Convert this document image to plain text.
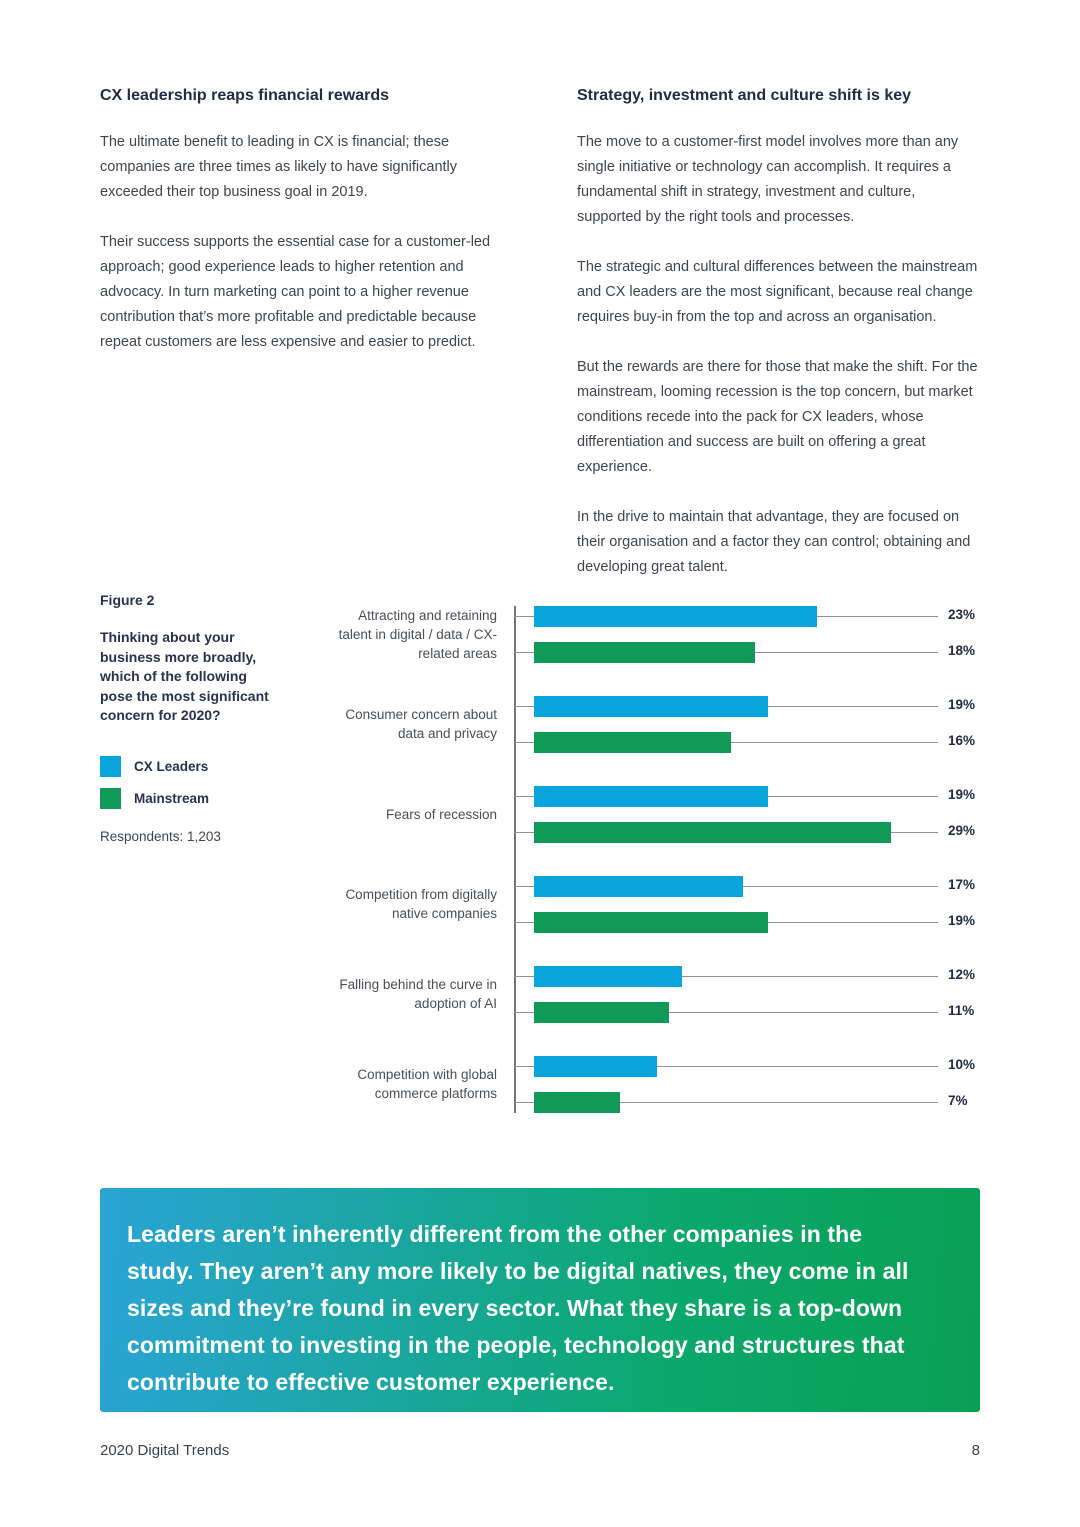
CX leadership reaps financial rewards

The ultimate benefit to leading in CX is financial; these companies are three times as likely to have significantly exceeded their top business goal in 2019.

Their success supports the essential case for a customer-led approach; good experience leads to higher retention and advocacy. In turn marketing can point to a higher revenue contribution that’s more profitable and predictable because repeat customers are less expensive and easier to predict.

Strategy, investment and culture shift is key

The move to a customer-first model involves more than any single initiative or technology can accomplish. It requires a fundamental shift in strategy, investment and culture, supported by the right tools and processes.

The strategic and cultural differences between the mainstream and CX leaders are the most significant, because real change requires buy-in from the top and across an organisation.

But the rewards are there for those that make the shift. For the mainstream, looming recession is the top concern, but market conditions recede into the pack for CX leaders, whose differentiation and success are built on offering a great experience.

In the drive to maintain that advantage, they are focused on their organisation and a factor they can control; obtaining and developing great talent.

Figure 2
Thinking about your business more broadly, which of the following pose the most significant concern for 2020?
CX Leaders
Mainstream
Respondents: 1,203
Attracting and retaining
talent in digital / data / CX-
related areas
23%
18%
Consumer concern about
data and privacy
19%
16%
Fears of recession
19%
29%
Competition from digitally
native companies
17%
19%
Falling behind the curve in
adoption of AI
12%
11%
Competition with global
commerce platforms
10%
7%
Leaders aren’t inherently different from the other companies in the study. They aren’t any more likely to be digital natives, they come in all sizes and they’re found in every sector. What they share is a top-down commitment to investing in the people, technology and structures that contribute to effective customer experience.
2020 Digital Trends	8
